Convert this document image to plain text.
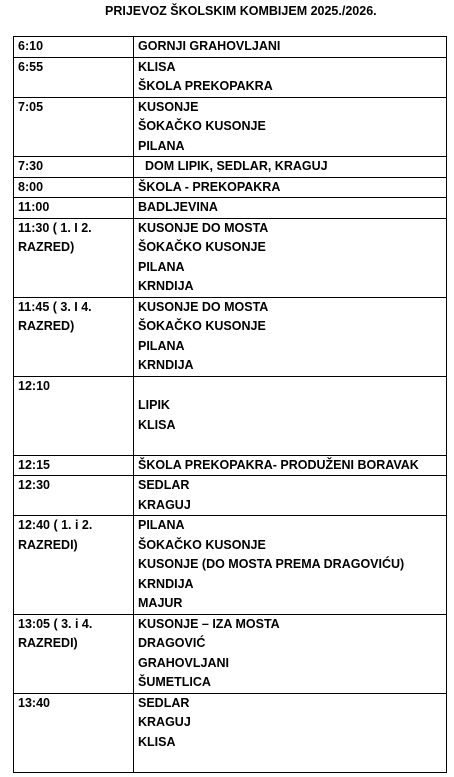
PRIJEVOZ ŠKOLSKIM KOMBIJEM 2025./2026.
6:10	GORNJI GRAHOVLJANI

6:55	KLISA
ŠKOLA PREKOPAKRA

7:05	KUSONJE
ŠOKAČKO KUSONJE
PILANA

7:30	DOM LIPIK, SEDLAR, KRAGUJ

8:00	ŠKOLA - PREKOPAKRA

11:00	BADLJEVINA

11:30 ( 1. I 2.
RAZRED)	KUSONJE DO MOSTA
ŠOKAČKO KUSONJE
PILANA
KRNDIJA

11:45 ( 3. I 4.
RAZRED)	KUSONJE DO MOSTA
ŠOKAČKO KUSONJE
PILANA
KRNDIJA

12:10	LIPIK
KLISA

12:15	ŠKOLA PREKOPAKRA- PRODUŽENI BORAVAK

12:30	SEDLAR
KRAGUJ

12:40 ( 1. i 2.
RAZREDI)	PILANA
ŠOKAČKO KUSONJE
KUSONJE (DO MOSTA PREMA DRAGOVIĆU)
KRNDIJA
MAJUR

13:05 ( 3. i 4.
RAZREDI)	KUSONJE – IZA MOSTA
DRAGOVIĆ
GRAHOVLJANI
ŠUMETLICA

13:40	SEDLAR
KRAGUJ
KLISA
